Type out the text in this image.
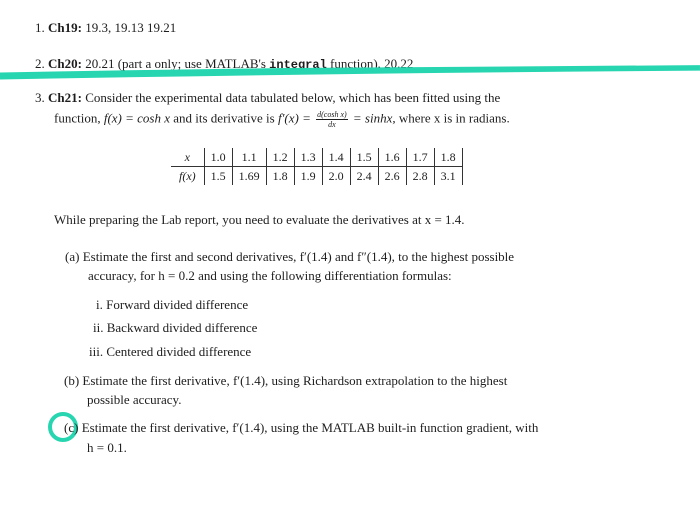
1. Ch19: 19.3, 19.13 19.21
2. Ch20: 20.21 (part a only; use MATLAB's integral function), 20.22
3. Ch21: Consider the experimental data tabulated below, which has been fitted using the
function, f(x) = cosh x and its derivative is $f'(x) = \frac{\text{d(cosh x)}}{dx} = \sinh x$, where x is in radians.
x	1.0	1.1	1.2	1.3	1.4	1.5	1.6	1.7	1.8
f(x)	1.5	1.69	1.8	1.9	2.0	2.4	2.6	2.8	3.1
While preparing the Lab report, you need to evaluate the derivatives at x = 1.4.
(a) Estimate the first and second derivatives, f′(1.4) and f″(1.4), to the highest possible
accuracy, for h = 0.2 and using the following differentiation formulas:
i. Forward divided difference
ii. Backward divided difference
iii. Centered divided difference
(b) Estimate the first derivative, f′(1.4), using Richardson extrapolation to the highest
possible accuracy.
(c) Estimate the first derivative, f′(1.4), using the MATLAB built-in function gradient, with
h = 0.1.
